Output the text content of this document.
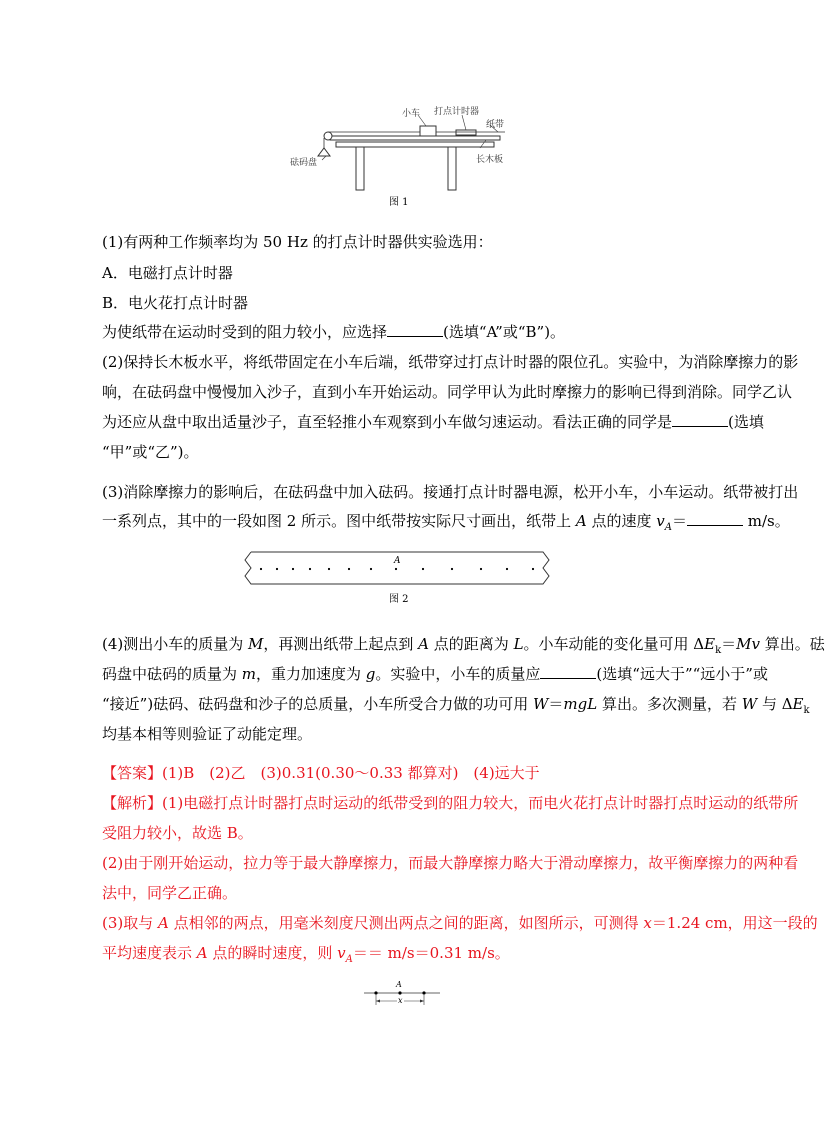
小车 打点计时器
纸带
长木板
砝码盘
图 1
(1)有两种工作频率均为 50 Hz 的打点计时器供实验选用：
A．电磁打点计时器
B．电火花打点计时器
为使纸带在运动时受到的阻力较小，应选择	(选填“A”或“B”)。
(2)保持长木板水平，将纸带固定在小车后端，纸带穿过打点计时器的限位孔。实验中，为消除摩擦力的影
响，在砝码盘中慢慢加入沙子，直到小车开始运动。同学甲认为此时摩擦力的影响已得到消除。同学乙认
为还应从盘中取出适量沙子，直至轻推小车观察到小车做匀速运动。看法正确的同学是	(选填
“甲”或“乙”)。
(3)消除摩擦力的影响后，在砝码盘中加入砝码。接通打点计时器电源，松开小车，小车运动。纸带被打出
一系列点，其中的一段如图 2 所示。图中纸带按实际尺寸画出，纸带上 A 点的速度 $v_A=$	m/s。
A
图 2
(4)测出小车的质量为 M，再测出纸带上起点到 A 点的距离为 L。小车动能的变化量可用 $\Delta E_k=Mv$ 算出。砝
码盘中砝码的质量为 m，重力加速度为 g。实验中，小车的质量应	(选填“远大于”“远小于”或
“接近”)砝码、砝码盘和沙子的总质量，小车所受合力做的功可用 W＝mgL 算出。多次测量，若 W 与 $\Delta E_k$
均基本相等则验证了动能定理。
【答案】(1)B　(2)乙　(3)0.31(0.30～0.33 都算对)　(4)远大于
【解析】(1)电磁打点计时器打点时运动的纸带受到的阻力较大，而电火花打点计时器打点时运动的纸带所
受阻力较小，故选 B。
(2)由于刚开始运动，拉力等于最大静摩擦力，而最大静摩擦力略大于滑动摩擦力，故平衡摩擦力的两种看
法中，同学乙正确。
(3)取与 A 点相邻的两点，用毫米刻度尺测出两点之间的距离，如图所示，可测得 x＝1.24 cm，用这一段的
平均速度表示 A 点的瞬时速度，则 $v_A== m/s=0.31$ m/s。
A
x
